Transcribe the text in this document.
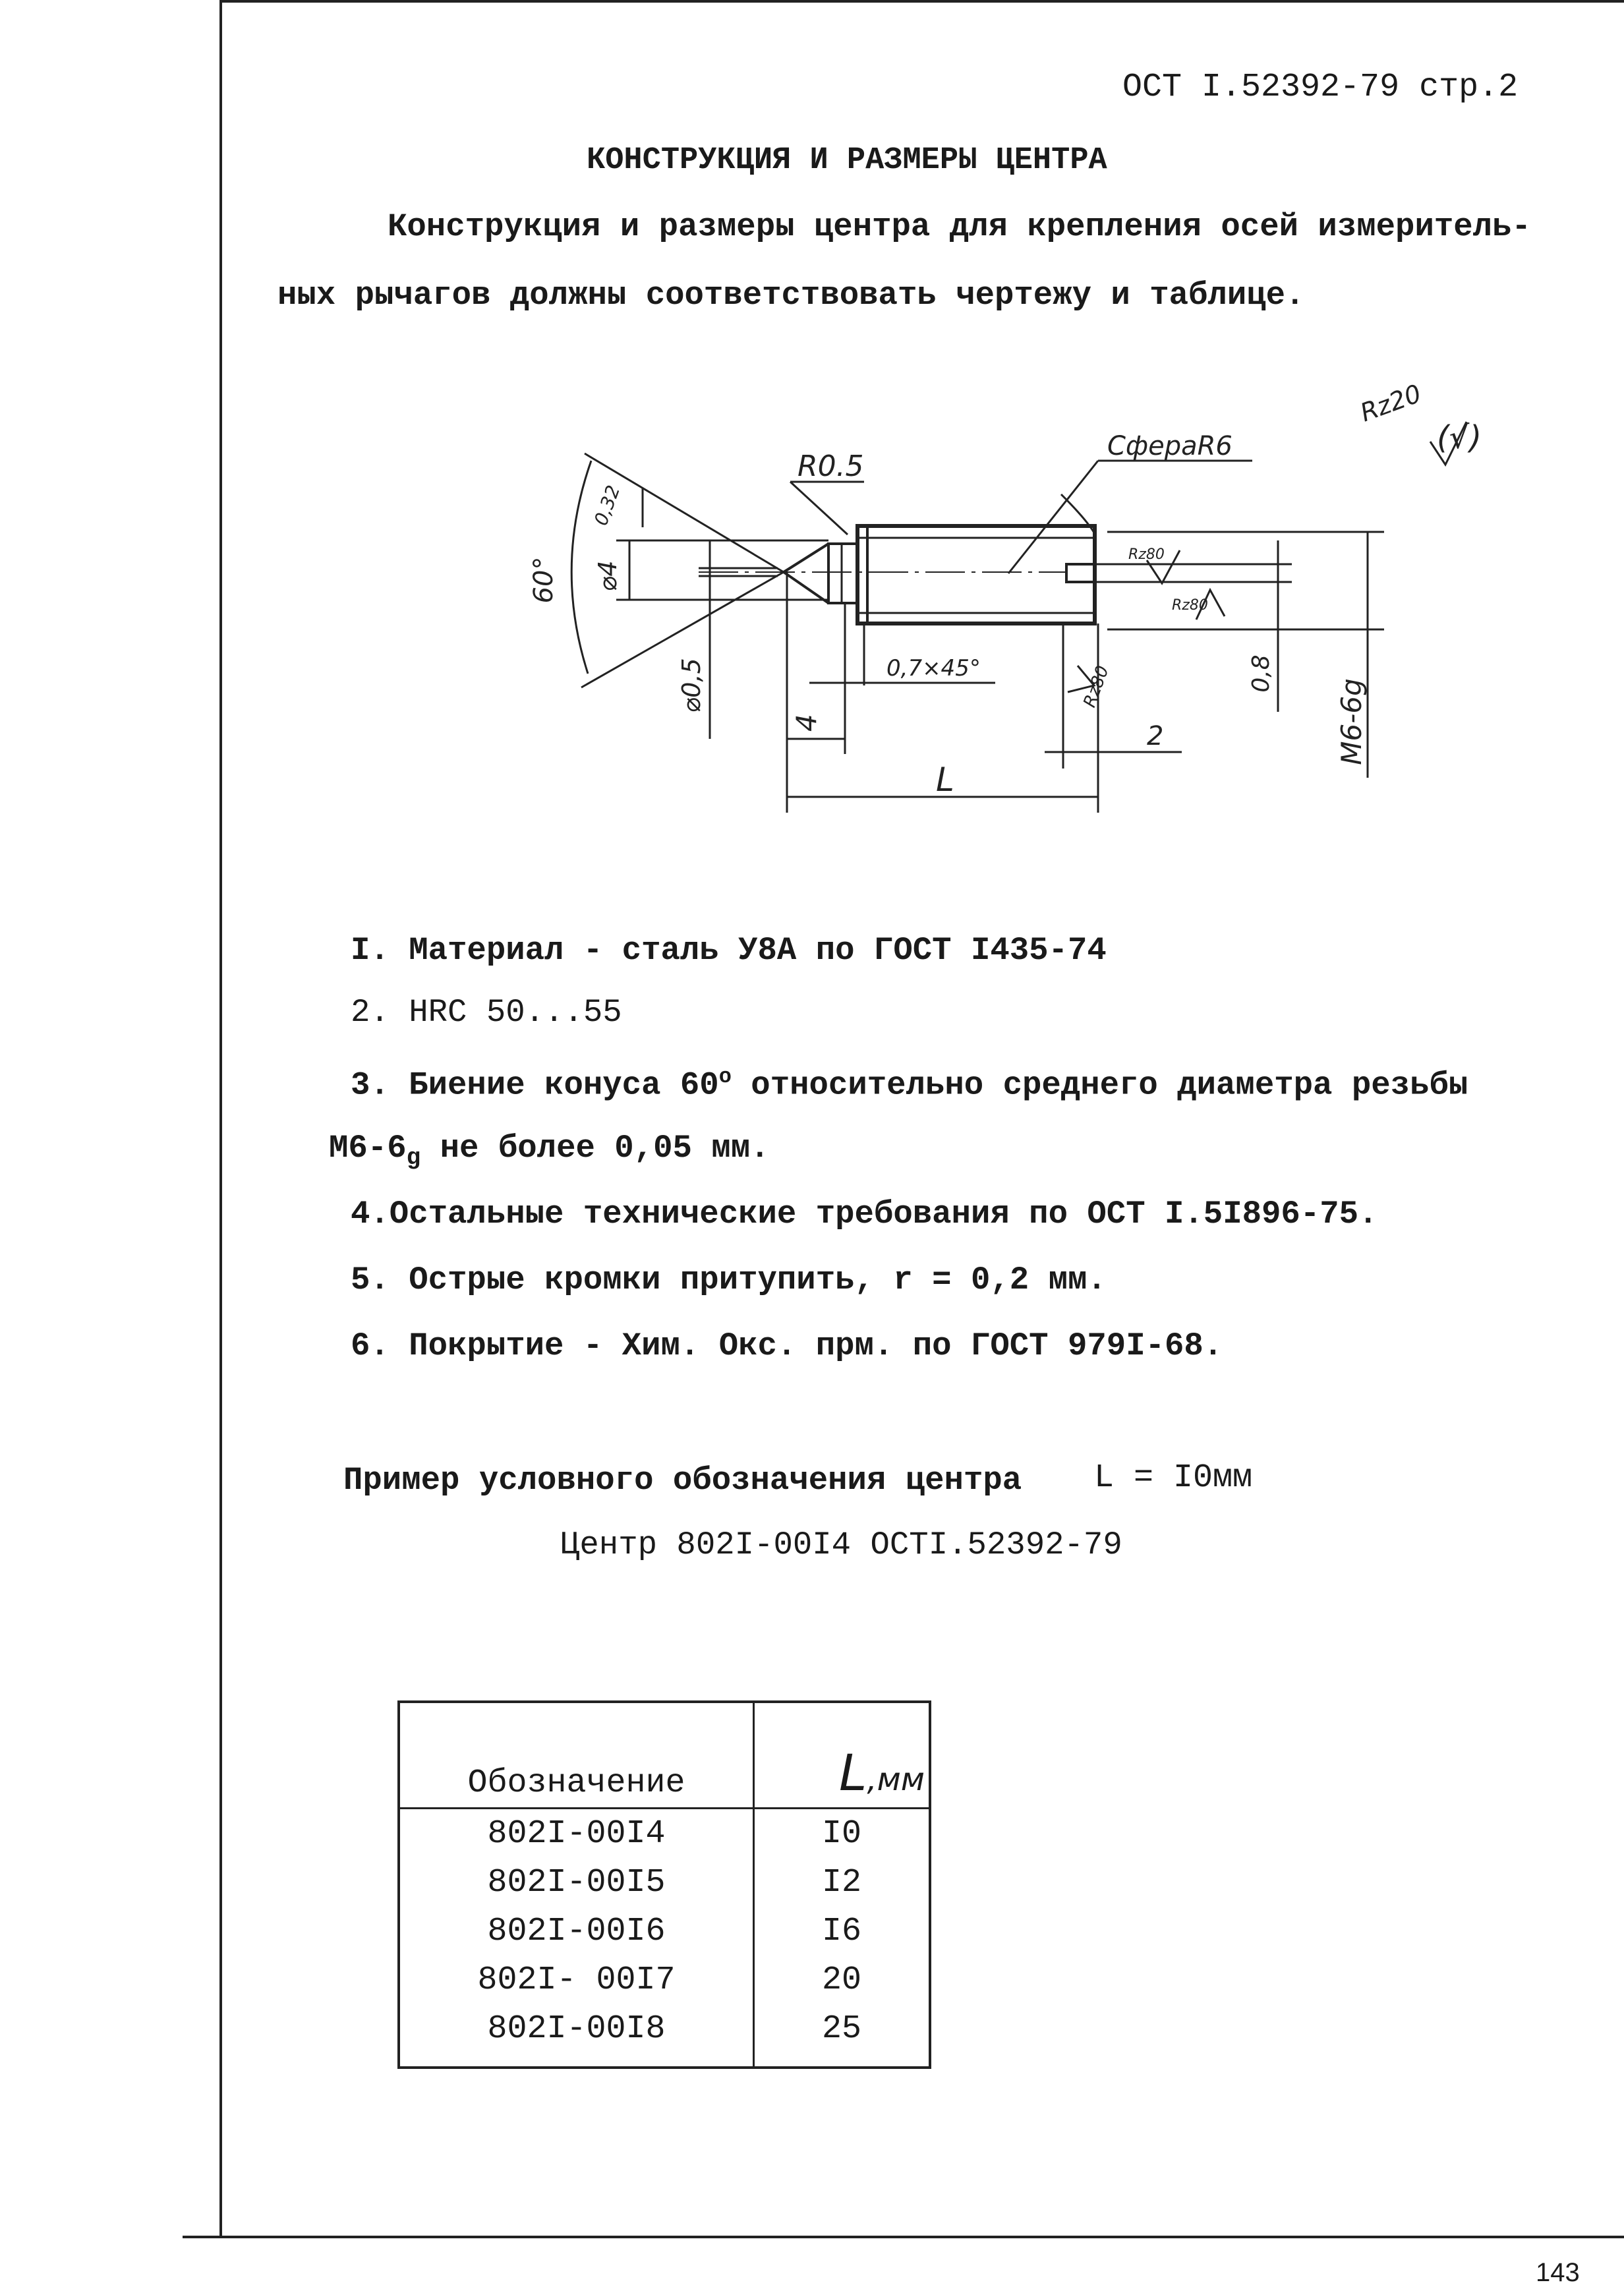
ОСТ I.52392-79 стр.2
КОНСТРУКЦИЯ И РАЗМЕРЫ ЦЕНТРА
Конструкция и размеры центра для крепления осей измеритель-
ных рычагов должны соответствовать чертежу и таблице.
Rz20
(√)
60°
0,32
⌀4
⌀0,5
R0.5
СфераR6
Rz80
Rz80
Rz80
0,7×45°
4	2
L
0,8
M6-6g
I. Материал - сталь У8А по ГОСТ I435-74
2. HRC 50...55
3. Биение конуса 60$^o$ относительно среднего диаметра резьбы
$М6-6_g$ не более 0,05 мм.
4.Остальные технические требования по ОСТ I.5I896-75.
5. Острые кромки притупить, r = 0,2 мм.
6. Покрытие - Хим. Окс. прм. по ГОСТ 979I-68.
Пример условного обозначения центра L = I0мм
Центр 802I-00I4 ОСТI.52392-79
Обозначение	L,мм
802I-00I4	I0
802I-00I5	I2
802I-00I6	I6
802I- 00I7	20
802I-00I8	25
143
